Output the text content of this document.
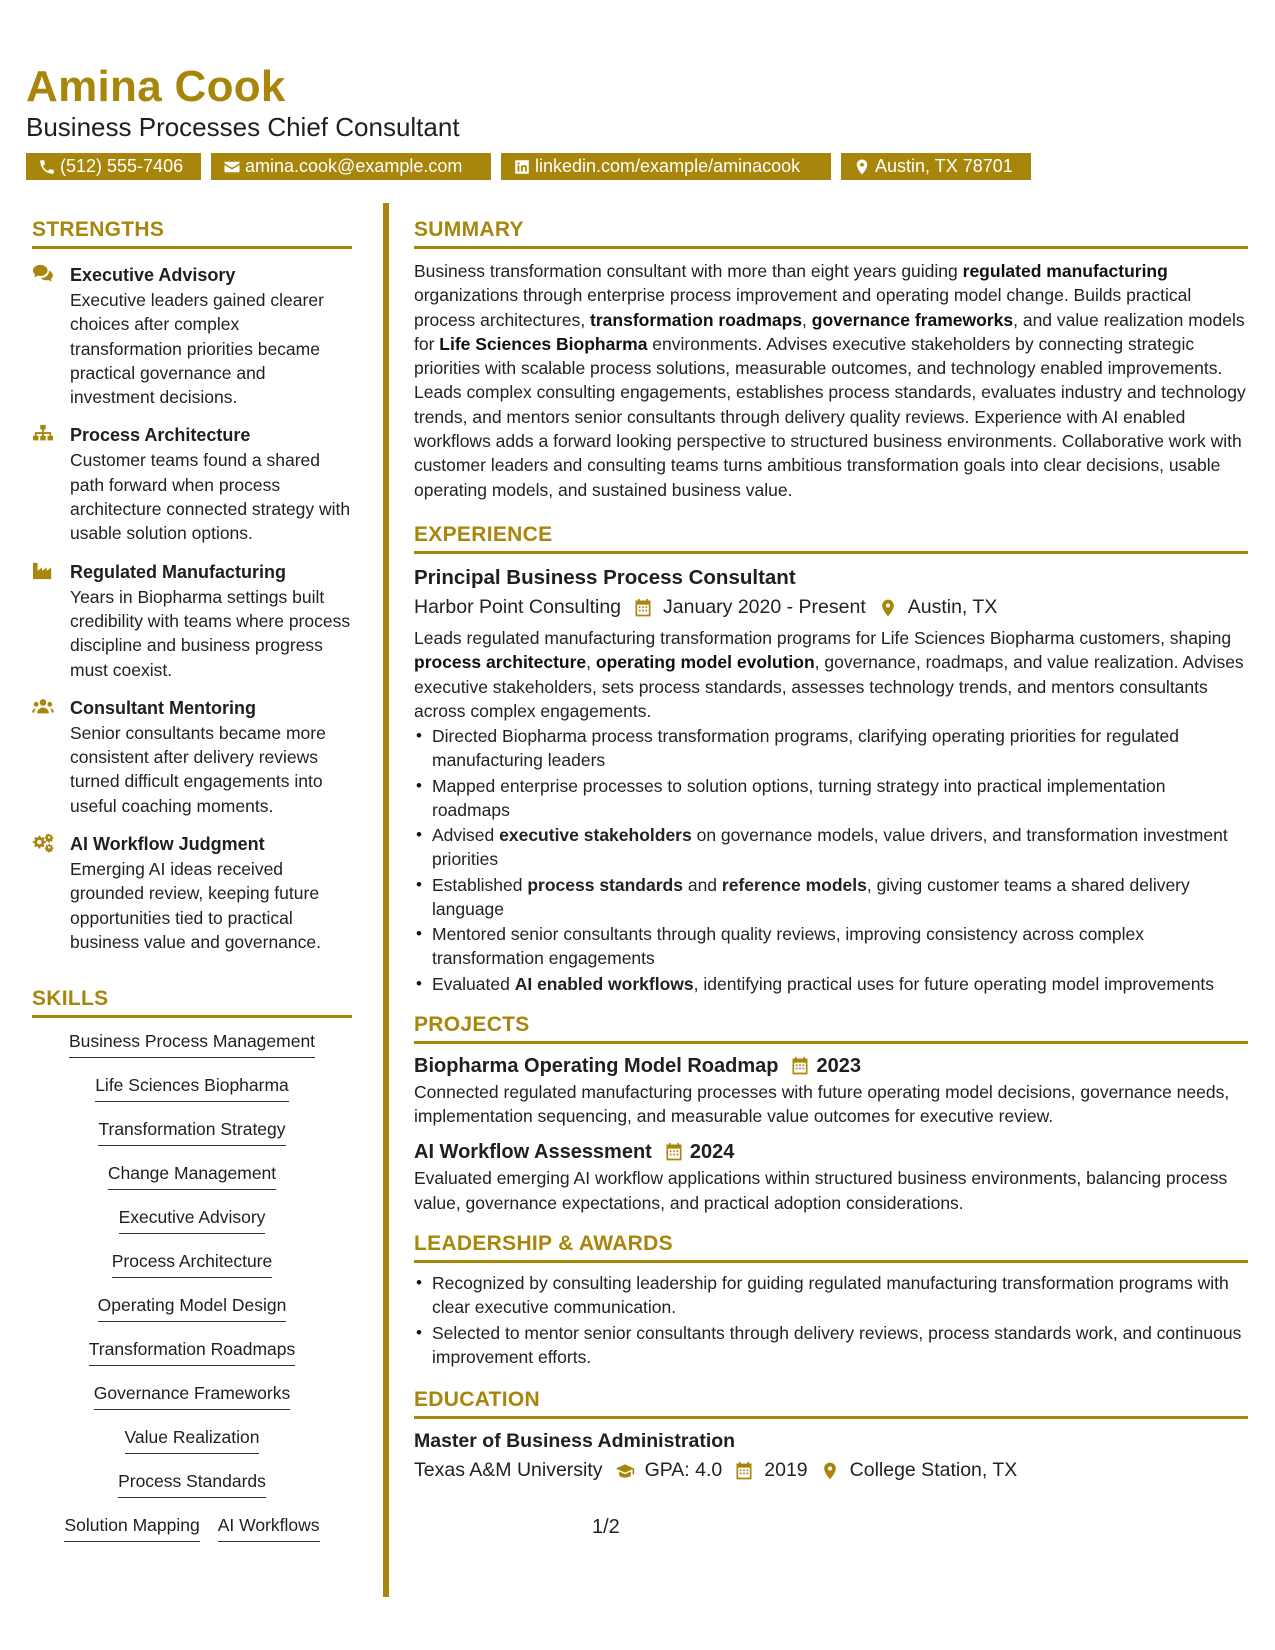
Amina Cook
Business Processes Chief Consultant
(512) 555-7406	amina.cook@example.com	linkedin.com/example/aminacook	Austin, TX 78701
STRENGTHS
Executive Advisory
Executive leaders gained clearer choices after complex transformation priorities became practical governance and investment decisions.
Process Architecture
Customer teams found a shared path forward when process architecture connected strategy with usable solution options.
Regulated Manufacturing
Years in Biopharma settings built credibility with teams where process discipline and business progress must coexist.
Consultant Mentoring
Senior consultants became more consistent after delivery reviews turned difficult engagements into useful coaching moments.
AI Workflow Judgment
Emerging AI ideas received grounded review, keeping future opportunities tied to practical business value and governance.
SKILLS
Business Process Management
Life Sciences Biopharma
Transformation Strategy
Change Management
Executive Advisory
Process Architecture
Operating Model Design
Transformation Roadmaps
Governance Frameworks
Value Realization
Process Standards
Solution Mapping AI Workflows
SUMMARY
Business transformation consultant with more than eight years guiding regulated manufacturing organizations through enterprise process improvement and operating model change. Builds practical process architectures, transformation roadmaps, governance frameworks, and value realization models for Life Sciences Biopharma environments. Advises executive stakeholders by connecting strategic priorities with scalable process solutions, measurable outcomes, and technology enabled improvements. Leads complex consulting engagements, establishes process standards, evaluates industry and technology trends, and mentors senior consultants through delivery quality reviews. Experience with AI enabled workflows adds a forward looking perspective to structured business environments. Collaborative work with customer leaders and consulting teams turns ambitious transformation goals into clear decisions, usable operating models, and sustained business value.
EXPERIENCE
Principal Business Process Consultant
Harbor Point Consulting January 2020 - Present Austin, TX
Leads regulated manufacturing transformation programs for Life Sciences Biopharma customers, shaping process architecture, operating model evolution, governance, roadmaps, and value realization. Advises executive stakeholders, sets process standards, assesses technology trends, and mentors consultants across complex engagements.
• Directed Biopharma process transformation programs, clarifying operating priorities for regulated manufacturing leaders
• Mapped enterprise processes to solution options, turning strategy into practical implementation roadmaps
• Advised executive stakeholders on governance models, value drivers, and transformation investment priorities
• Established process standards and reference models, giving customer teams a shared delivery language
• Mentored senior consultants through quality reviews, improving consistency across complex transformation engagements
• Evaluated AI enabled workflows, identifying practical uses for future operating model improvements
PROJECTS
Biopharma Operating Model Roadmap 2023
Connected regulated manufacturing processes with future operating model decisions, governance needs, implementation sequencing, and measurable value outcomes for executive review.
AI Workflow Assessment 2024
Evaluated emerging AI workflow applications within structured business environments, balancing process value, governance expectations, and practical adoption considerations.
LEADERSHIP & AWARDS
• Recognized by consulting leadership for guiding regulated manufacturing transformation programs with clear executive communication.
• Selected to mentor senior consultants through delivery reviews, process standards work, and continuous improvement efforts.
EDUCATION
Master of Business Administration
Texas A&M University GPA: 4.0 2019 College Station, TX
1/2
